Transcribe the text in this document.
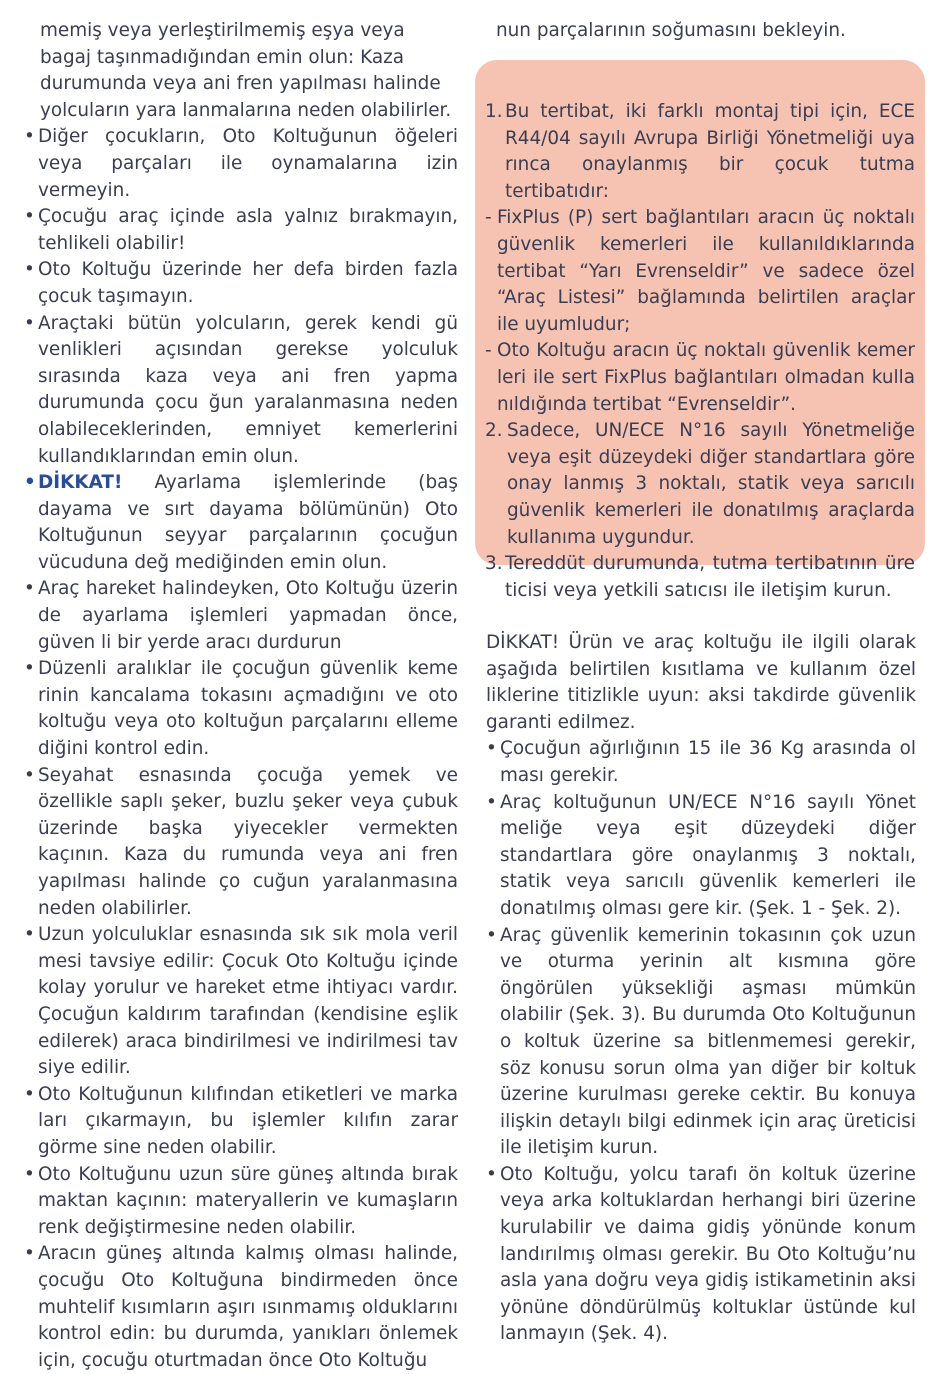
memiş veya yerleştirilmemiş eşya veya bagaj taşınmadığından emin olun: Kaza durumunda veya ani fren yapılması halinde yolcuların yara lanmalarına neden olabilirler.

• Diğer çocukların, Oto Koltuğunun öğeleri veya parçaları ile oynamalarına izin vermeyin.
• Çocuğu araç içinde asla yalnız bırakmayın, tehlikeli olabilir!
• Oto Koltuğu üzerinde her defa birden fazla çocuk taşımayın.
• Araçtaki bütün yolcuların, gerek kendi gü venlikleri açısından gerekse yolculuk sırasında kaza veya ani fren yapma durumunda çocu ğun yaralanmasına neden olabileceklerinden, emniyet kemerlerini kullandıklarından emin olun.
• DİKKAT! Ayarlama işlemlerinde (baş dayama ve sırt dayama bölümünün) Oto Koltuğunun seyyar parçalarının çocuğun vücuduna değ mediğinden emin olun.
• Araç hareket halindeyken, Oto Koltuğu üzerin de ayarlama işlemleri yapmadan önce, güven li bir yerde aracı durdurun
• Düzenli aralıklar ile çocuğun güvenlik keme rinin kancalama tokasını açmadığını ve oto koltuğu veya oto koltuğun parçalarını elleme diğini kontrol edin.
• Seyahat esnasında çocuğa yemek ve özellikle saplı şeker, buzlu şeker veya çubuk üzerinde başka yiyecekler vermekten kaçının. Kaza du rumunda veya ani fren yapılması halinde ço cuğun yaralanmasına neden olabilirler.
• Uzun yolculuklar esnasında sık sık mola veril mesi tavsiye edilir: Çocuk Oto Koltuğu içinde kolay yorulur ve hareket etme ihtiyacı vardır. Çocuğun kaldırım tarafından (kendisine eşlik edilerek) araca bindirilmesi ve indirilmesi tav siye edilir.
• Oto Koltuğunun kılıfından etiketleri ve marka ları çıkarmayın, bu işlemler kılıfın zarar görme sine neden olabilir.
• Oto Koltuğunu uzun süre güneş altında bırak maktan kaçının: materyallerin ve kumaşların renk değiştirmesine neden olabilir.
• Aracın güneş altında kalmış olması halinde, çocuğu Oto Koltuğuna bindirmeden önce muhtelif kısımların aşırı ısınmamış olduklarını kontrol edin: bu durumda, yanıkları önlemek için, çocuğu oturtmadan önce Oto Koltuğu

nun parçalarının soğumasını bekleyin.

1. Bu tertibat, iki farklı montaj tipi için, ECE R44/04 sayılı Avrupa Birliği Yönetmeliği uya rınca onaylanmış bir çocuk tutma tertibatıdır:
- FixPlus (P) sert bağlantıları aracın üç noktalı güvenlik kemerleri ile kullanıldıklarında tertibat “Yarı Evrenseldir” ve sadece özel “Araç Listesi” bağlamında belirtilen araçlar ile uyumludur;
- Oto Koltuğu aracın üç noktalı güvenlik kemer leri ile sert FixPlus bağlantıları olmadan kulla nıldığında tertibat “Evrenseldir”.
2. Sadece, UN/ECE N°16 sayılı Yönetmeliğe veya eşit düzeydeki diğer standartlara göre onay lanmış 3 noktalı, statik veya sarıcılı güvenlik kemerleri ile donatılmış araçlarda kullanıma uygundur.
3. Tereddüt durumunda, tutma tertibatının üre ticisi veya yetkili satıcısı ile iletişim kurun.

DİKKAT! Ürün ve araç koltuğu ile ilgili olarak aşağıda belirtilen kısıtlama ve kullanım özel liklerine titizlikle uyun: aksi takdirde güvenlik garanti edilmez.

• Çocuğun ağırlığının 15 ile 36 Kg arasında ol ması gerekir.
• Araç koltuğunun UN/ECE N°16 sayılı Yönet meliğe veya eşit düzeydeki diğer standartlara göre onaylanmış 3 noktalı, statik veya sarıcılı güvenlik kemerleri ile donatılmış olması gere kir. (Şek. 1 - Şek. 2).
• Araç güvenlik kemerinin tokasının çok uzun ve oturma yerinin alt kısmına göre öngörülen yüksekliği aşması mümkün olabilir (Şek. 3). Bu durumda Oto Koltuğunun o koltuk üzerine sa bitlenmemesi gerekir, söz konusu sorun olma yan diğer bir koltuk üzerine kurulması gereke cektir. Bu konuya ilişkin detaylı bilgi edinmek için araç üreticisi ile iletişim kurun.
• Oto Koltuğu, yolcu tarafı ön koltuk üzerine veya arka koltuklardan herhangi biri üzerine kurulabilir ve daima gidiş yönünde konum landırılmış olması gerekir. Bu Oto Koltuğu’nu asla yana doğru veya gidiş istikametinin aksi yönüne döndürülmüş koltuklar üstünde kul lanmayın (Şek. 4).
